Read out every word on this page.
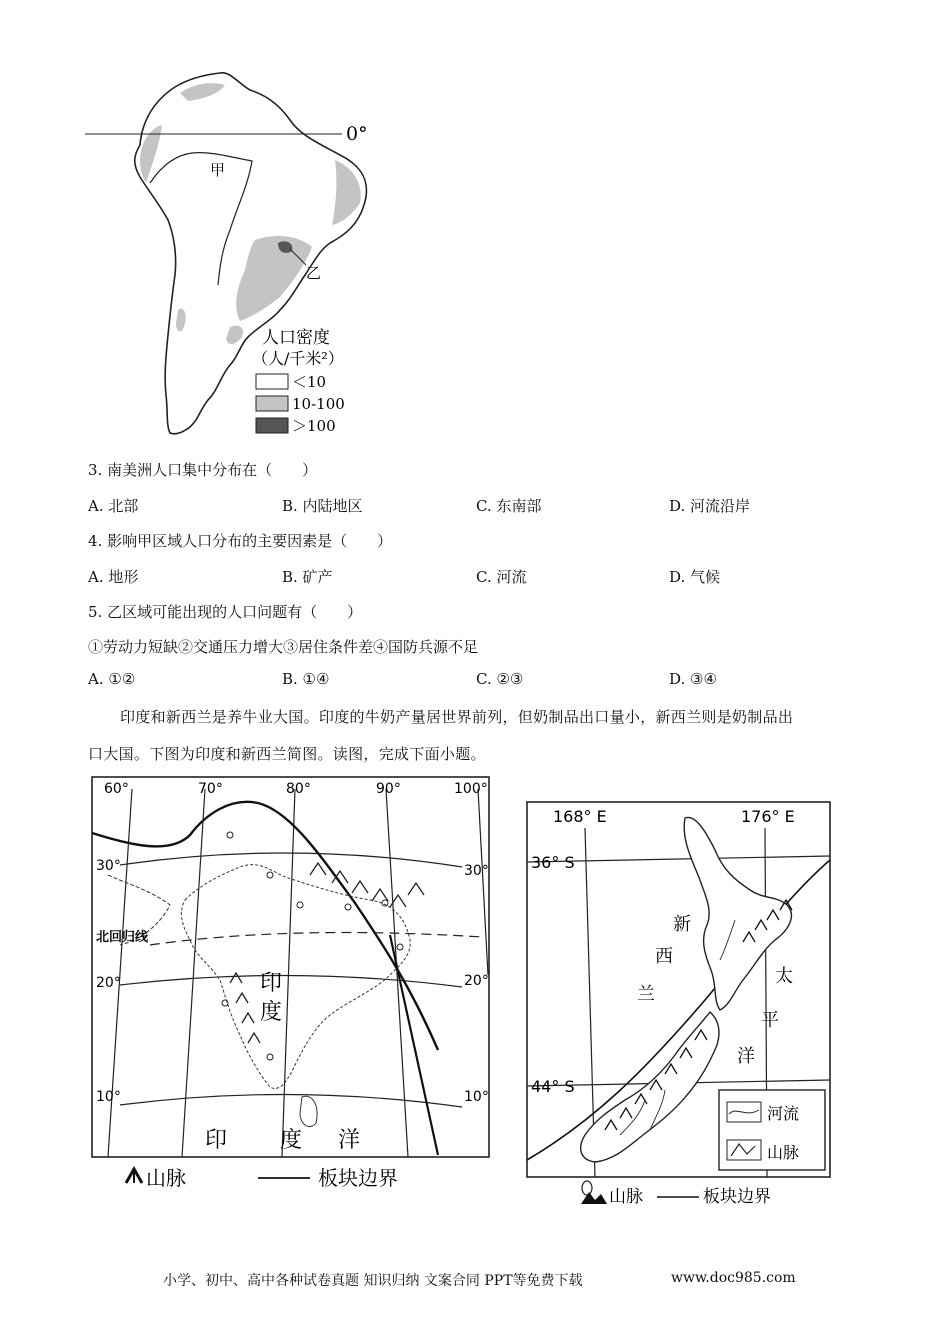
0°
甲
乙
人口密度
（人/千米²）
＜10
10-100
＞100
3. 南美洲人口集中分布在（　　）
A. 北部	B. 内陆地区	C. 东南部	D. 河流沿岸
4. 影响甲区域人口分布的主要因素是（　　）
A. 地形	B. 矿产	C. 河流	D. 气候
5. 乙区域可能出现的人口问题有（　　）
①劳动力短缺②交通压力增大③居住条件差④国防兵源不足
A. ①②	B. ①④	C. ②③	D. ③④
印度和新西兰是养牛业大国。印度的牛奶产量居世界前列，但奶制品出口量小，新西兰则是奶制品出
口大国。下图为印度和新西兰简图。读图，完成下面小题。
60°	70°	80°	90°	100°
30°
20°
10°
30°
20°
10°
北回归线
印
度
印 度 洋
山脉	板块边界
168° E	176° E
36° S
44° S
新
西
兰
太
平
洋
河流
山脉
山脉	板块边界
小学、初中、高中各种试卷真题 知识归纳 文案合同 PPT等免费下载	www.doc985.com
